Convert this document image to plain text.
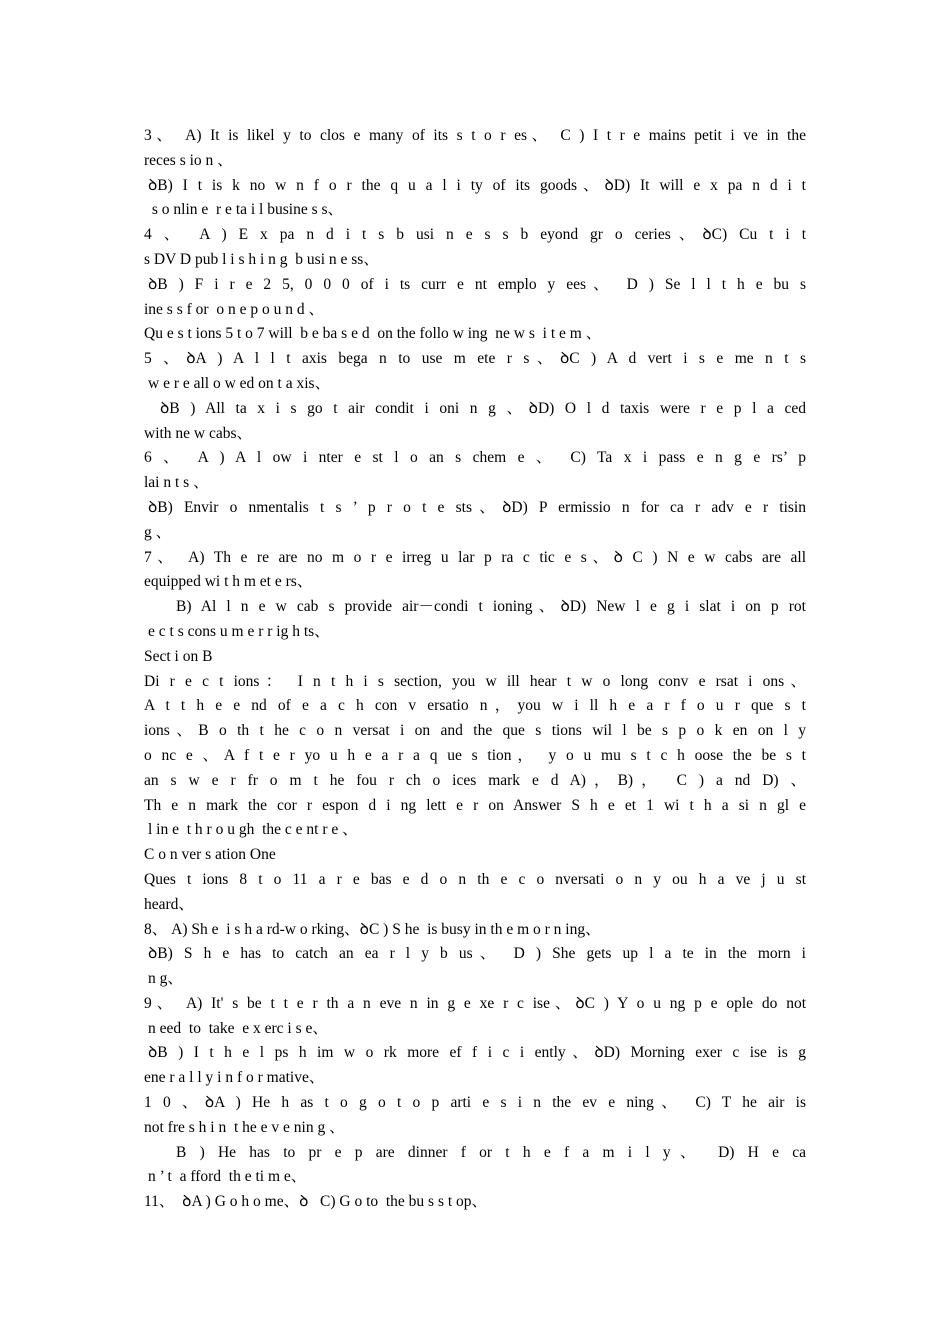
3、 A) It is likel y to clos e many of its s t o r es、 C ) I t r e mains petit i ve in the
reces s io n 、
ꝺB) I t is k no w n f o r the q u a l i ty of its goods、ꝺD) It will e x pa n d i t
s o nlin e  r e ta i l busine s s、
4 、 A ) E x pa n d i t s b usi n e s s b eyond gr o ceries、ꝺC) Cu t i t
s DV D pub l i s h i n g  b usi n e ss、
ꝺB ) F i r e 2 5, 0 0 0 of i ts curr e nt emplo y ees、 D ) Se l l t h e bu s
ine s s f or  o n e p o u n d 、
Qu e s t ions 5 t o 7 will  b e ba s e d  on the follo w ing  ne w s  i t e m 、
5 、ꝺA ) A l l t axis bega n to use m ete r s、ꝺC ) A d vert i s e me n t s
w e r e all o w ed on t a xis、
ꝺB ) All ta x i s go t air condit i oni n g 、ꝺD) O l d taxis were r e p l a ced
with ne w cabs、
6 、 A ) A l ow i nter e st l o an s chem e 、 C) Ta x i pass e n g e rs’ p
lai n t s 、
ꝺB) Envir o nmentalis t s ’ p r o t e sts、ꝺD) P ermissio n for ca r adv e r tisin
g 、
7、 A) Th e re are no m o r e irreg u lar p ra c tic e s、ꝺ C ) N e w cabs are all
equipped wi t h m et e rs、
B) Al l n e w cab s provide air－condi t ioning、ꝺD) New l e g i slat i on p rot
e c t s cons u m e r r ig h ts、
Sect i on B
Di r e c t ions： I n t h i s section, you w ill hear t w o long conv e rsat i ons、
A t t h e e nd of e a c h con v ersatio n，you w i ll h e a r f o u r que s t
ions、B o th t he c o n versat i on and the que s tions wil l be s p o k en on l y
o nc e 、A f t e r yo u h e a r a q ue s tion， y o u mu s t c h oose the be s t
an s w e r fr o m t he fou r ch o ices mark e d A)，B)， C ) a nd D) 、
Th e n mark the cor r espon d i ng lett e r on Answer S h e et 1 wi t h a si n gl e
l in e  t h r o u gh  the c e nt r e 、
C o n ver s ation One
Ques t ions 8 t o 11 a r e bas e d o n th e c o nversati o n y ou h a ve j u st
heard、
8、 A) Sh e  i s h a rd-w o rking、ꝺC ) S he  is busy in th e m o r n ing、
ꝺB) S h e has to catch an ea r l y b us、 D ) She gets up l a te in the morn i
n g、
9、 A) It' s be t t e r th a n eve n in g e xe r c ise、ꝺC ) Y o u ng p e ople do not
n eed  to  take  e x erc i s e、
ꝺB ) I t h e l ps h im w o rk more ef f i c i ently、ꝺD) Morning exer c ise is g
ene r a l l y i n f o r mative、
1 0 、ꝺA ) He h as t o g o t o p arti e s i n the ev e ning、 C) T he air is
not fre s h i n  t he e v e nin g 、
B ) He has to pr e p are dinner f or t h e f a m i l y、 D) H e ca
n ’ t  a fford  th e ti m e、
11、  ꝺA ) G o h o me、ꝺ   C) G o to  the bu s s t op、
